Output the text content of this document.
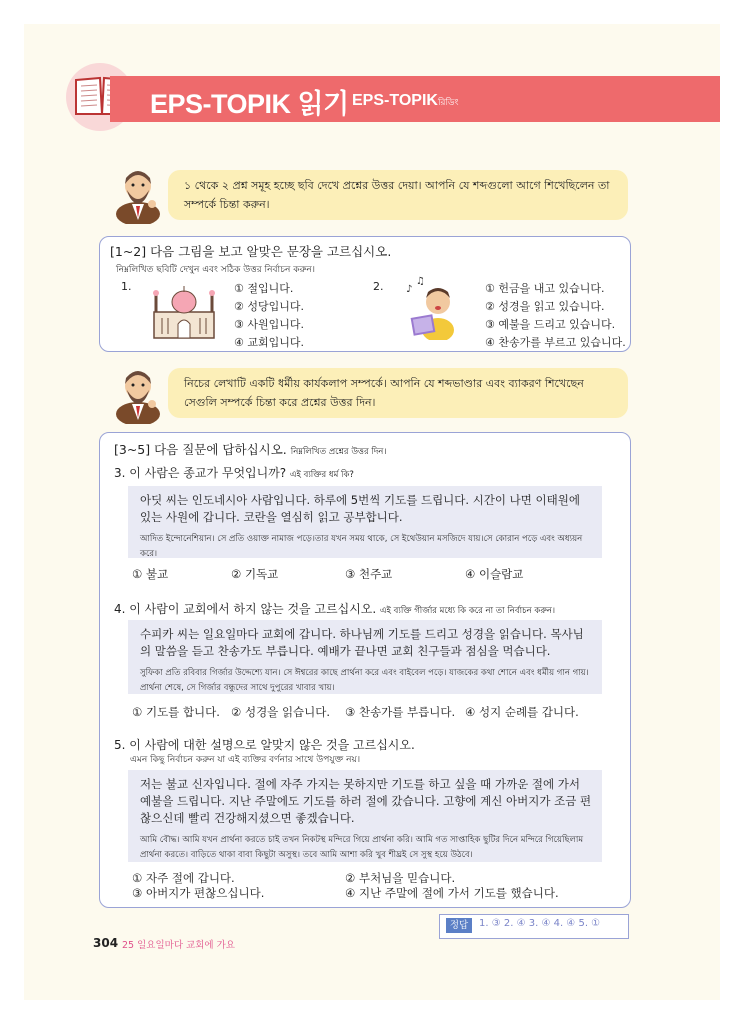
EPS-TOPIK 읽기 EPS-TOPIKরিডিং
১ থেকে ২ প্রশ্ন সমূহ হচ্ছে ছবি দেখে প্রশ্নের উত্তর দেয়া। আপনি যে শব্দগুলো আগে শিখেছিলেন তা সম্পর্কে চিন্তা করুন।
[1~2] 다음 그림을 보고 알맞은 문장을 고르십시오.
নিম্নলিখিত ছবিটি দেখুন এবং সঠিক উত্তর নির্বাচন করুন।
1.	① 절입니다.
② 성당입니다.
③ 사원입니다.
④ 교회입니다.
2. ♪
♫
① 헌금을 내고 있습니다.
② 성경을 읽고 있습니다.
③ 예불을 드리고 있습니다.
④ 찬송가를 부르고 있습니다.
নিচের লেখাটি একটি ধর্মীয় কার্যকলাপ সম্পর্কে। আপনি যে শব্দভাণ্ডার এবং ব্যাকরণ শিখেছেন সেগুলি সম্পর্কে চিন্তা করে প্রশ্নের উত্তর দিন।
[3~5] 다음 질문에 답하십시오. নিম্নলিখিত প্রশ্নের উত্তর দিন।
3. 이 사람은 종교가 무엇입니까? এই ব্যক্তির ধর্ম কি?
아딧 씨는 인도네시아 사람입니다. 하루에 5번씩 기도를 드립니다. 시간이 나면 이태원에 있는 사원에 갑니다. 코란을 열심히 읽고 공부합니다.
আদিত ইন্দোনেশিয়ান। সে প্রতি ওয়াক্ত নামাজ পড়ে।তার যখন সময় থাকে, সে ইথেউয়ান মসজিদে যায়।সে কোরান পড়ে এবং অধ্যয়ন করে।
① 불교	② 기독교	③ 천주교	④ 이슬람교
4. 이 사람이 교회에서 하지 않는 것을 고르십시오. এই ব্যক্তি গীর্জার মধ্যে কি করে না তা নির্বাচন করুন।
수피카 씨는 일요일마다 교회에 갑니다. 하나님께 기도를 드리고 성경을 읽습니다. 목사님의 말씀을 듣고 찬송가도 부릅니다. 예배가 끝나면 교회 친구들과 점심을 먹습니다.
সুফিকা প্রতি রবিবার গির্জার উদ্দেশ্যে যান। সে ঈশ্বরের কাছে প্রার্থনা করে এবং বাইবেল পড়ে। যাজকের কথা শোনে এবং ধর্মীয় গান গায়। প্রার্থনা শেষে, সে গির্জার বন্ধুদের সাথে দুপুরের খাবার খায়।
① 기도를 합니다. ② 성경을 읽습니다. ③ 찬송가를 부릅니다. ④ 성지 순례를 갑니다.
5. 이 사람에 대한 설명으로 알맞지 않은 것을 고르십시오.
এমন কিছু নির্বাচন করুন যা এই ব্যক্তির বর্ণনার সাথে উপযুক্ত নয়।
저는 불교 신자입니다. 절에 자주 가지는 못하지만 기도를 하고 싶을 때 가까운 절에 가서 예불을 드립니다. 지난 주말에도 기도를 하러 절에 갔습니다. 고향에 계신 아버지가 조금 편찮으신데 빨리 건강해지셨으면 좋겠습니다.
আমি বৌদ্ধ। আমি যখন প্রার্থনা করতে চাই তখন নিকটস্থ মন্দিরে গিয়ে প্রার্থনা করি। আমি গত সাপ্তাহিক ছুটির দিনে মন্দিরে গিয়েছিলাম প্রার্থনা করতে। বাড়িতে থাকা বাবা কিছুটা অসুস্থ। তবে আমি আশা করি খুব শীঘ্রই সে সুস্থ হয়ে উঠবে।
① 자주 절에 갑니다.	② 부처님을 믿습니다.
③ 아버지가 편찮으십니다.	④ 지난 주말에 절에 가서 기도를 했습니다.
정답	1. ③ 2. ④ 3. ④ 4. ④ 5. ①
304 25 일요일마다 교회에 가요
